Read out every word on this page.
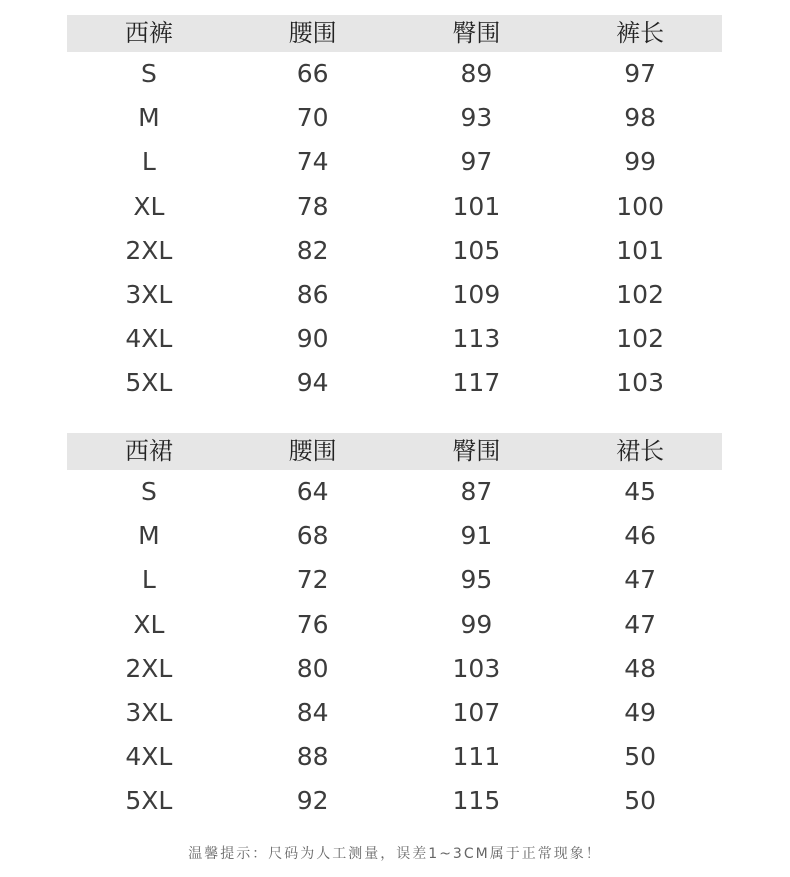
西裤	腰围	臀围	裤长
S	66	89	97
M	70	93	98
L	74	97	99
XL	78	101	100
2XL	82	105	101
3XL	86	109	102
4XL	90	113	102
5XL	94	117	103
西裙	腰围	臀围	裙长
S	64	87	45
M	68	91	46
L	72	95	47
XL	76	99	47
2XL	80	103	48
3XL	84	107	49
4XL	88	111	50
5XL	92	115	50
温馨提示：尺码为人工测量，误差1~3CM属于正常现象！
